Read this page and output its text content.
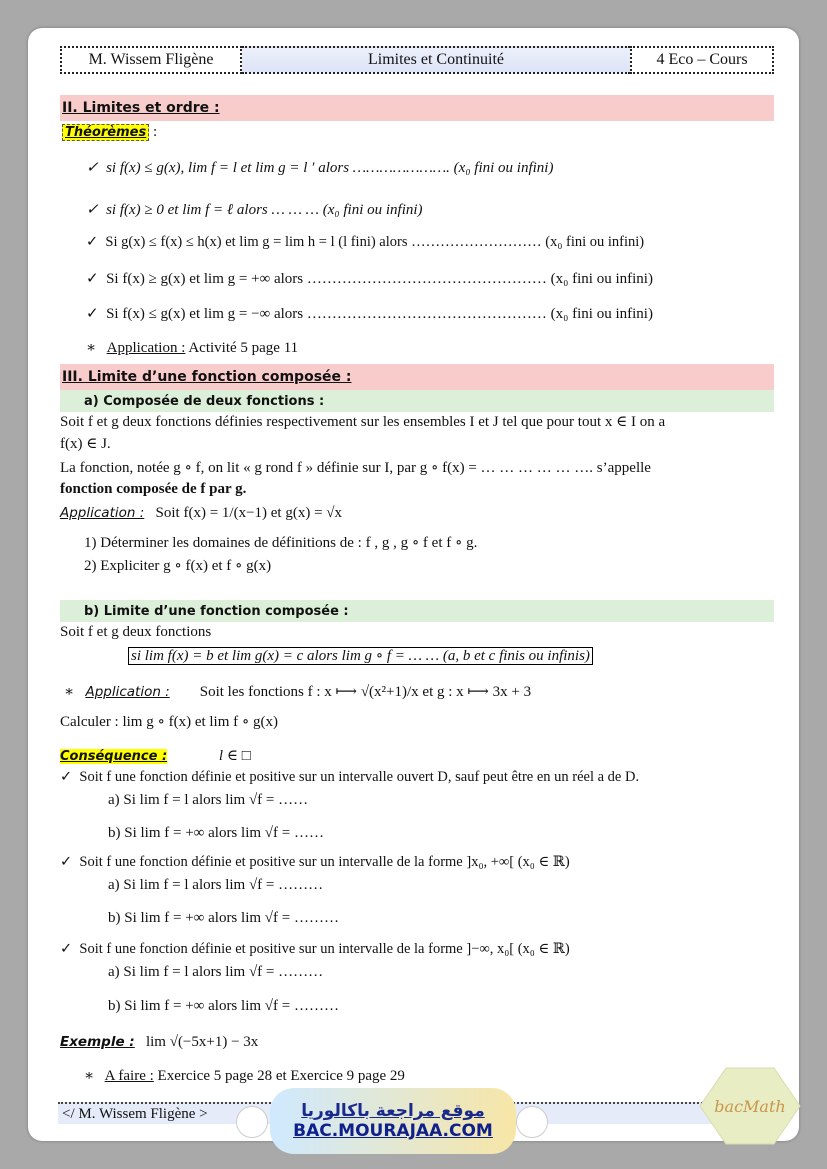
M. Wissem Fligène	Limites et Continuité	4 Eco – Cours
II. Limites et ordre :
Théorèmes :
✓ si f(x) ≤ g(x), lim f = l et lim g = l ′ alors …………………. (x₀ fini ou infini)
✓ si f(x) ≥ 0 et lim f = ℓ alors … … … (x₀ fini ou infini)
✓ Si g(x) ≤ f(x) ≤ h(x) et lim g = lim h = l (l fini) alors ……………………… (x₀ fini ou infini)
✓ Si f(x) ≥ g(x) et lim g = +∞ alors ………………………………………… (x₀ fini ou infini)
✓ Si f(x) ≤ g(x) et lim g = −∞ alors ………………………………………… (x₀ fini ou infini)
∗ Application : Activité 5 page 11
III. Limite d’une fonction composée :
a) Composée de deux fonctions :
Soit f et g deux fonctions définies respectivement sur les ensembles I et J tel que pour tout x ∈ I on a
f(x) ∈ J.
La fonction, notée g ∘ f, on lit « g rond f » définie sur I, par g ∘ f(x) = … … … … … …. s’appelle
fonction composée de f par g.
Application : Soit f(x) = 1/(x−1) et g(x) = √x
1) Déterminer les domaines de définitions de : f , g , g ∘ f et f ∘ g.
2) Expliciter g ∘ f(x) et f ∘ g(x)
b) Limite d’une fonction composée :
Soit f et g deux fonctions
si lim f(x) = b et lim g(x) = c alors lim g ∘ f = … … (a, b et c finis ou infinis)
∗ Application : Soit les fonctions f : x ⟼ √(x²+1)/x et g : x ⟼ 3x + 3
Calculer : lim g ∘ f(x) et lim f ∘ g(x)
Conséquence :	l ∈ □
✓ Soit f une fonction définie et positive sur un intervalle ouvert D, sauf peut être en un réel a de D.
a) Si lim f = l alors lim √f = ……
b) Si lim f = +∞ alors lim √f = ……
✓ Soit f une fonction définie et positive sur un intervalle de la forme ]x₀, +∞[ (x₀ ∈ ℝ)
a) Si lim f = l alors lim √f = ………
b) Si lim f = +∞ alors lim √f = ………
✓ Soit f une fonction définie et positive sur un intervalle de la forme ]−∞, x₀[ (x₀ ∈ ℝ)
a) Si lim f = l alors lim √f = ………
b) Si lim f = +∞ alors lim √f = ………
Exemple : lim √(−5x+1) − 3x
∗ A faire : Exercice 5 page 28 et Exercice 9 page 29
</ M. Wissem Fligène >	موقع مراجعة باكالوريا
BAC.MOURAJAA.COM
bacMath
